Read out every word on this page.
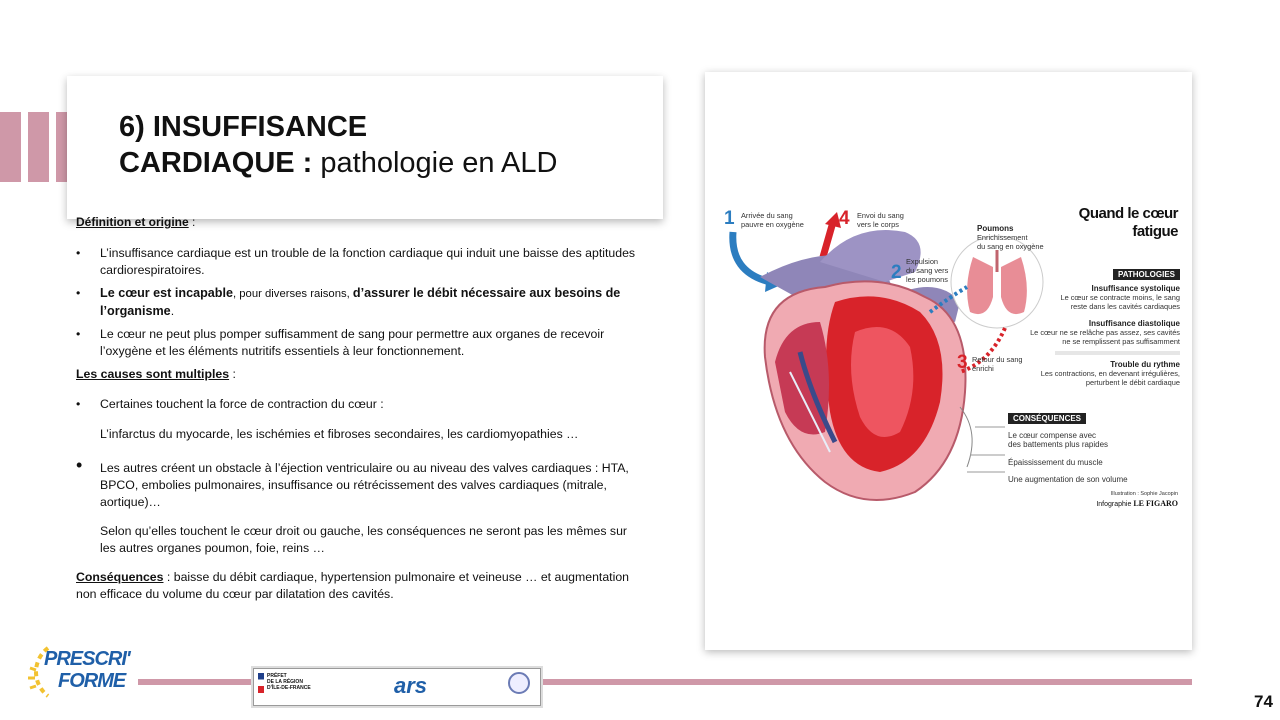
6) INSUFFISANCE
CARDIAQUE : pathologie en ALD
Définition et origine :
• L’insuffisance cardiaque est un trouble de la fonction cardiaque qui induit une baisse des aptitudes cardiorespiratoires.
• Le cœur est incapable, pour diverses raisons, d’assurer le débit nécessaire aux besoins de l’organisme.
• Le cœur ne peut plus pomper suffisamment de sang pour permettre aux organes de recevoir l’oxygène et les éléments nutritifs essentiels à leur fonctionnement.
Les causes sont multiples :
• Certaines touchent la force de contraction du cœur :
L’infarctus du myocarde, les ischémies et fibroses secondaires, les cardiomyopathies …
• Les autres créent un obstacle à l’éjection ventriculaire ou au niveau des valves cardiaques : HTA, BPCO, embolies pulmonaires, insuffisance ou rétrécissement des valves cardiaques (mitrale, aortique)…
Selon qu’elles touchent le cœur droit ou gauche, les conséquences ne seront pas les mêmes sur les autres organes poumon, foie, reins …
Conséquences : baisse du débit cardiaque, hypertension pulmonaire et veineuse … et augmentation non efficace du volume du cœur par dilatation des cavités.
Quand le cœur
fatigue
1 Arrivée du sang
pauvre en oxygène 4 Envoi du sang
vers le corps	Poumons
Enrichissement
du sang en oxygène
2
Expulsion
du sang vers
les poumons
3 Retour du sang
enrichi
PATHOLOGIES
Insuffisance systolique
Le cœur se contracte moins, le sang
reste dans les cavités cardiaques
Insuffisance diastolique
Le cœur ne se relâche pas assez, ses cavités
ne se remplissent pas suffisamment
Trouble du rythme
Les contractions, en devenant irrégulières,
perturbent le débit cardiaque
CONSÉQUENCES
Le cœur compense avec
des battements plus rapides
Épaississement du muscle
Une augmentation de son volume
Illustration : Sophie Jacopin
Infographie LE FIGARO
PRESCRI'
FORME	PRÉFET
DE LA RÉGION
D'ÎLE-DE-FRANCE	ars
74
